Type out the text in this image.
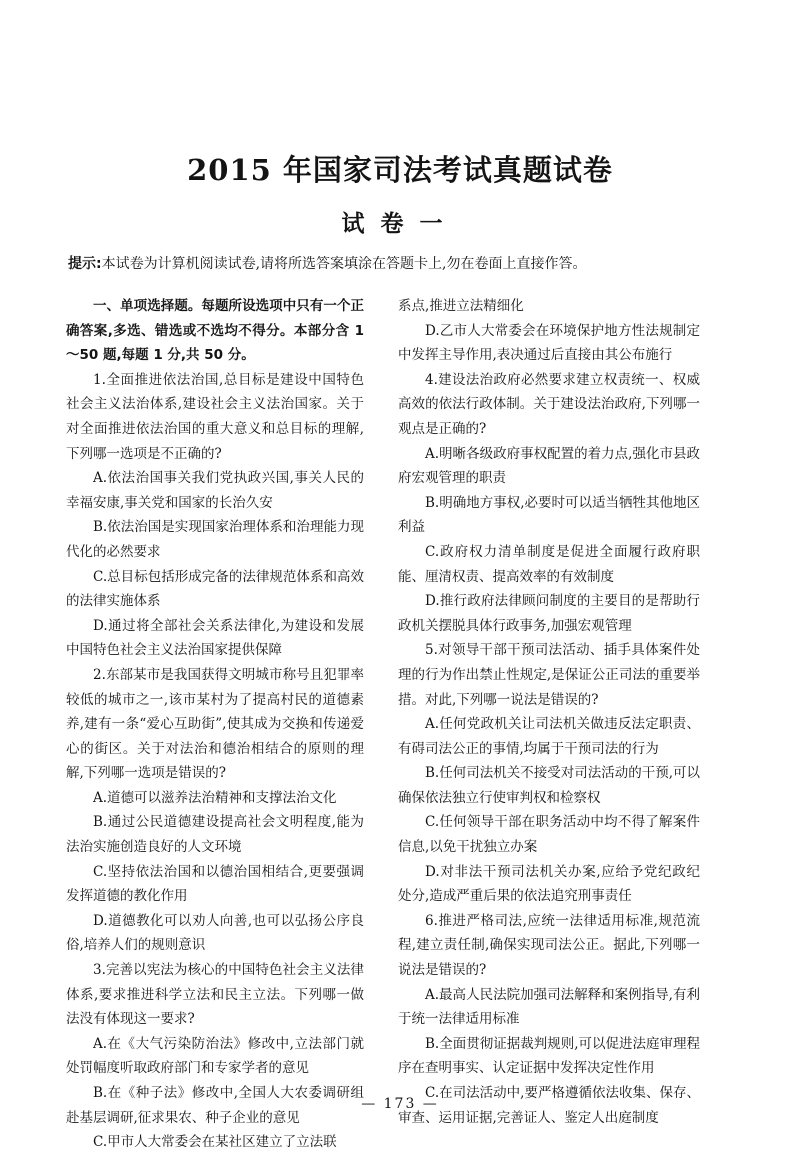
2015 年国家司法考试真题试卷
试卷一
提示:本试卷为计算机阅读试卷,请将所选答案填涂在答题卡上,勿在卷面上直接作答。

一、单项选择题。每题所设选项中只有一个正确答案,多选、错选或不选均不得分。本部分含 1～50 题,每题 1 分,共 50 分。

1.全面推进依法治国,总目标是建设中国特色社会主义法治体系,建设社会主义法治国家。关于对全面推进依法治国的重大意义和总目标的理解,下列哪一选项是不正确的?

A.依法治国事关我们党执政兴国,事关人民的幸福安康,事关党和国家的长治久安

B.依法治国是实现国家治理体系和治理能力现代化的必然要求

C.总目标包括形成完备的法律规范体系和高效的法律实施体系

D.通过将全部社会关系法律化,为建设和发展中国特色社会主义法治国家提供保障

2.东部某市是我国获得文明城市称号且犯罪率较低的城市之一,该市某村为了提高村民的道德素养,建有一条“爱心互助街”,使其成为交换和传递爱心的街区。关于对法治和德治相结合的原则的理解,下列哪一选项是错误的?

A.道德可以滋养法治精神和支撑法治文化

B.通过公民道德建设提高社会文明程度,能为法治实施创造良好的人文环境

C.坚持依法治国和以德治国相结合,更要强调发挥道德的教化作用

D.道德教化可以劝人向善,也可以弘扬公序良俗,培养人们的规则意识

3.完善以宪法为核心的中国特色社会主义法律体系,要求推进科学立法和民主立法。下列哪一做法没有体现这一要求?

A.在《大气污染防治法》修改中,立法部门就处罚幅度听取政府部门和专家学者的意见

B.在《种子法》修改中,全国人大农委调研组赴基层调研,征求果农、种子企业的意见

C.甲市人大常委会在某社区建立了立法联

系点,推进立法精细化

D.乙市人大常委会在环境保护地方性法规制定中发挥主导作用,表决通过后直接由其公布施行

4.建设法治政府必然要求建立权责统一、权威高效的依法行政体制。关于建设法治政府,下列哪一观点是正确的?

A.明晰各级政府事权配置的着力点,强化市县政府宏观管理的职责

B.明确地方事权,必要时可以适当牺牲其他地区利益

C.政府权力清单制度是促进全面履行政府职能、厘清权责、提高效率的有效制度

D.推行政府法律顾问制度的主要目的是帮助行政机关摆脱具体行政事务,加强宏观管理

5.对领导干部干预司法活动、插手具体案件处理的行为作出禁止性规定,是保证公正司法的重要举措。对此,下列哪一说法是错误的?

A.任何党政机关让司法机关做违反法定职责、有碍司法公正的事情,均属于干预司法的行为

B.任何司法机关不接受对司法活动的干预,可以确保依法独立行使审判权和检察权

C.任何领导干部在职务活动中均不得了解案件信息,以免干扰独立办案

D.对非法干预司法机关办案,应给予党纪政纪处分,造成严重后果的依法追究刑事责任

6.推进严格司法,应统一法律适用标准,规范流程,建立责任制,确保实现司法公正。据此,下列哪一说法是错误的?

A.最高人民法院加强司法解释和案例指导,有利于统一法律适用标准

B.全面贯彻证据裁判规则,可以促进法庭审理程序在查明事实、认定证据中发挥决定性作用

C.在司法活动中,要严格遵循依法收集、保存、审查、运用证据,完善证人、鉴定人出庭制度

— 173 —
